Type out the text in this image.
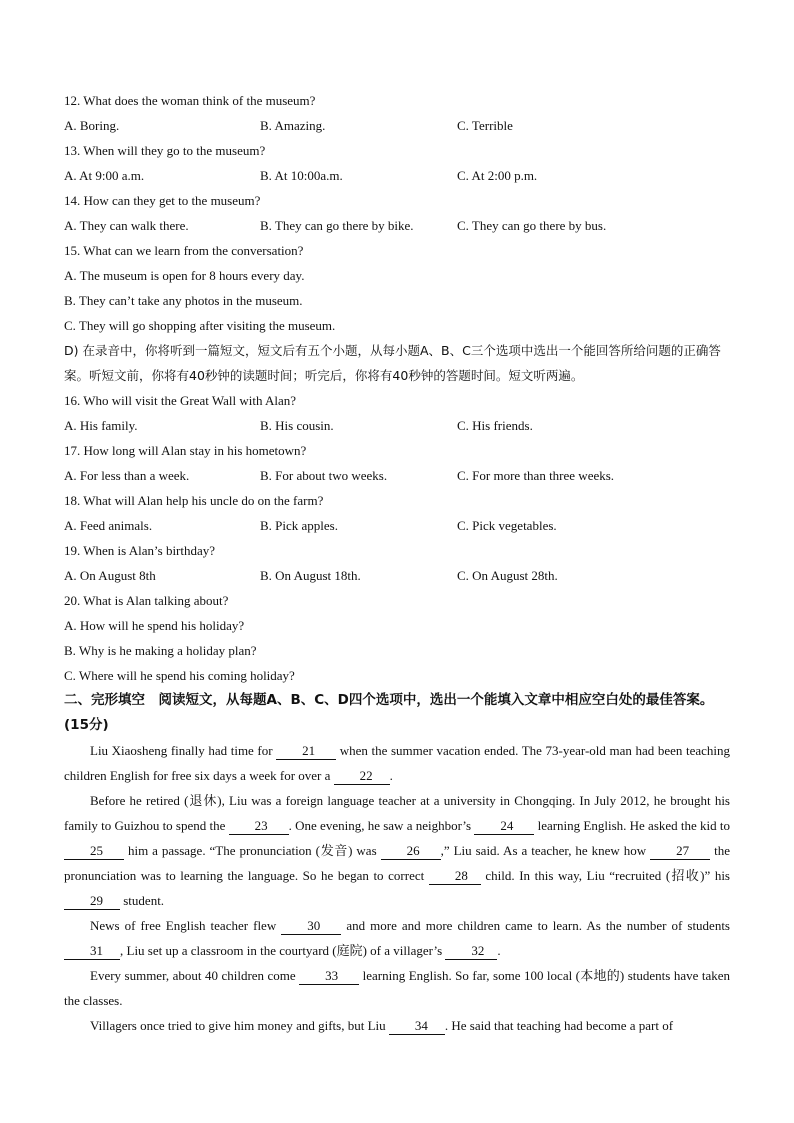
12. What does the woman think of the museum?
A. Boring.	B. Amazing.	C. Terrible
13. When will they go to the museum?
A. At 9:00 a.m.	B. At 10:00a.m.	C. At 2:00 p.m.
14. How can they get to the museum?
A. They can walk there.	B. They can go there by bike.	C. They can go there by bus.
15. What can we learn from the conversation?
A. The museum is open for 8 hours every day.
B. They can’t take any photos in the museum.
C. They will go shopping after visiting the museum.
D) 在录音中，你将听到一篇短文，短文后有五个小题，从每小题A、B、C三个选项中选出一个能回答所给问题的正确答案。听短文前，你将有40秒钟的读题时间；听完后，你将有40秒钟的答题时间。短文听两遍。
16. Who will visit the Great Wall with Alan?
A. His family.	B. His cousin.	C. His friends.
17. How long will Alan stay in his hometown?
A. For less than a week.	B. For about two weeks.	C. For more than three weeks.
18. What will Alan help his uncle do on the farm?
A. Feed animals.	B. Pick apples.	C. Pick vegetables.
19. When is Alan’s birthday?
A. On August 8th	B. On August 18th.	C. On August 28th.
20. What is Alan talking about?
A. How will he spend his holiday?
B. Why is he making a holiday plan?
C. Where will he spend his coming holiday?
二、完形填空　阅读短文，从每题A、B、C、D四个选项中，选出一个能填入文章中相应空白处的最佳答案。(15分)

Liu Xiaosheng finally had time for 21 when the summer vacation ended. The 73-year-old man had been teaching children English for free six days a week for over a 22 .

Before he retired (退休), Liu was a foreign language teacher at a university in Chongqing. In July 2012, he brought his family to Guizhou to spend the 23 . One evening, he saw a neighbor’s 24 learning English. He asked the kid to 25 him a passage. “The pronunciation (发音) was 26 ,” Liu said. As a teacher, he knew how 27 the pronunciation was to learning the language. So he began to correct 28 child. In this way, Liu “recruited (招收)” his 29 student.

News of free English teacher flew 30 and more and more children came to learn. As the number of students 31 , Liu set up a classroom in the courtyard (庭院) of a villager’s 32 .

Every summer, about 40 children come 33 learning English. So far, some 100 local (本地的) students have taken the classes.

Villagers once tried to give him money and gifts, but Liu 34 . He said that teaching had become a part of
